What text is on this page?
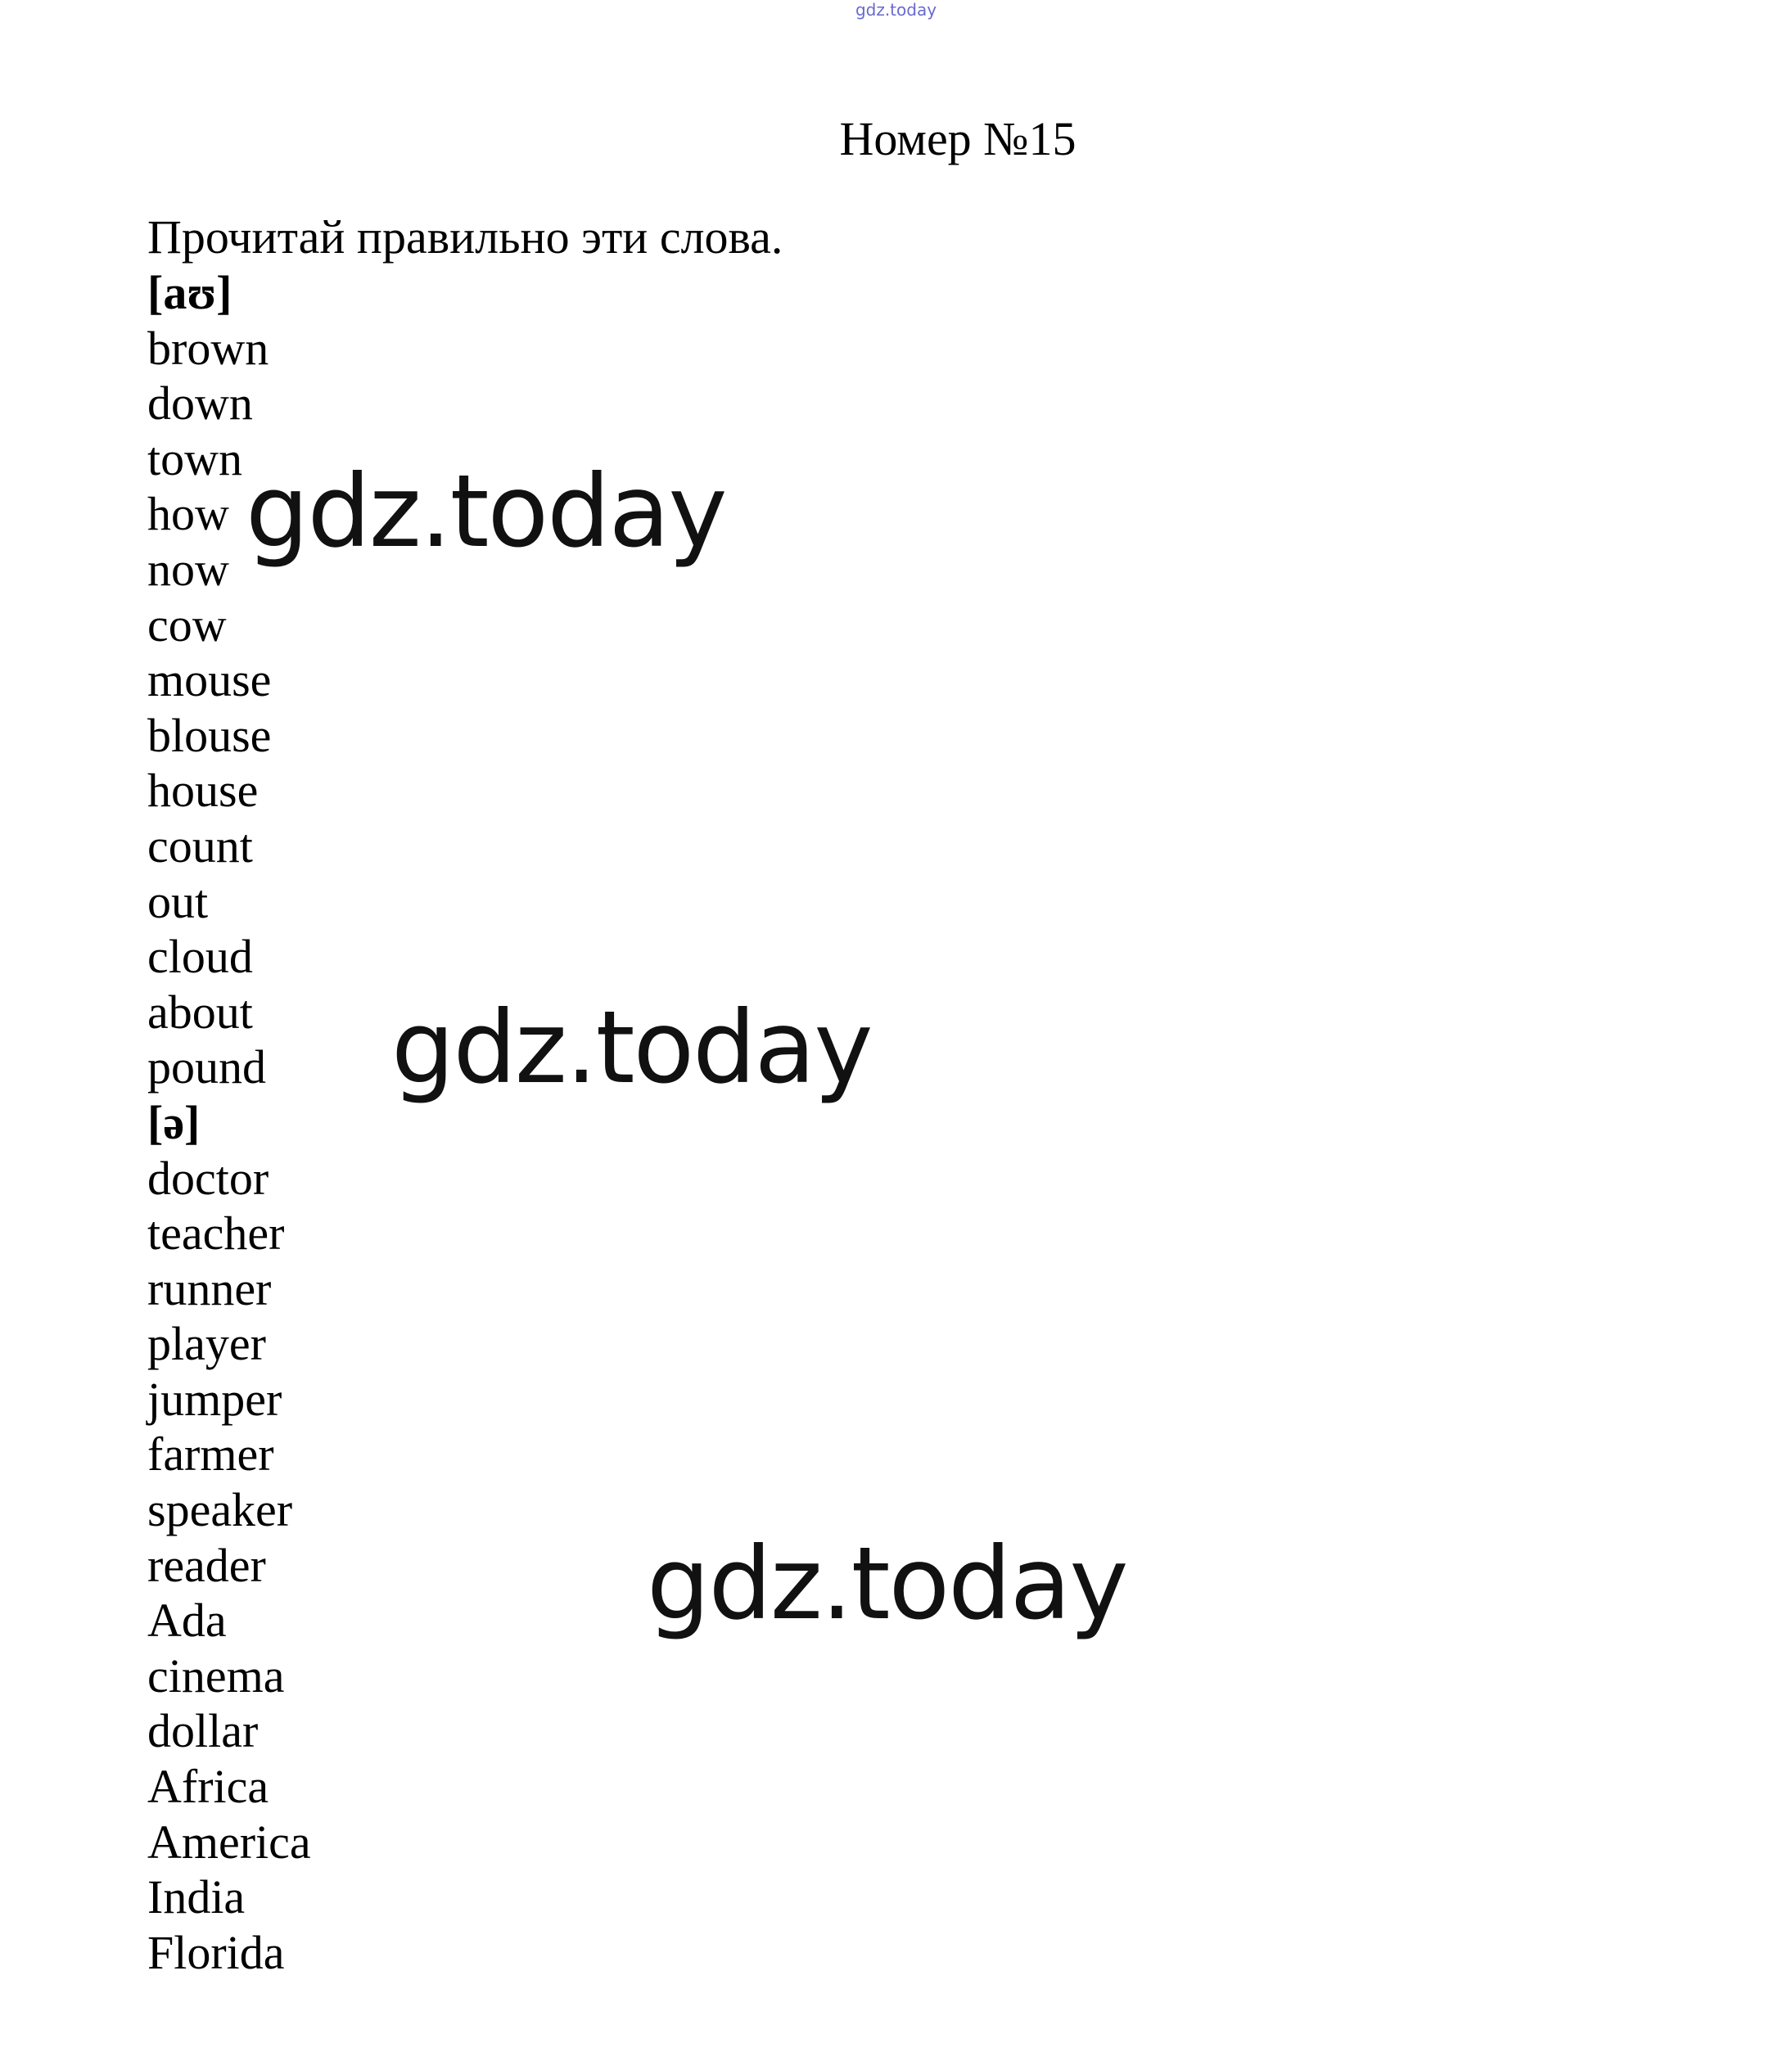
gdz.today
Номер №15
Прочитай правильно эти слова.
[aʊ]
brown
down
town
how
now
cow
mouse
blouse
house
count
out
cloud
about
pound
[ə]
doctor
teacher
runner
player
jumper
farmer
speaker
reader
Ada
cinema
dollar
Africa
America
India
Florida
gdz.today
gdz.today
gdz.today
